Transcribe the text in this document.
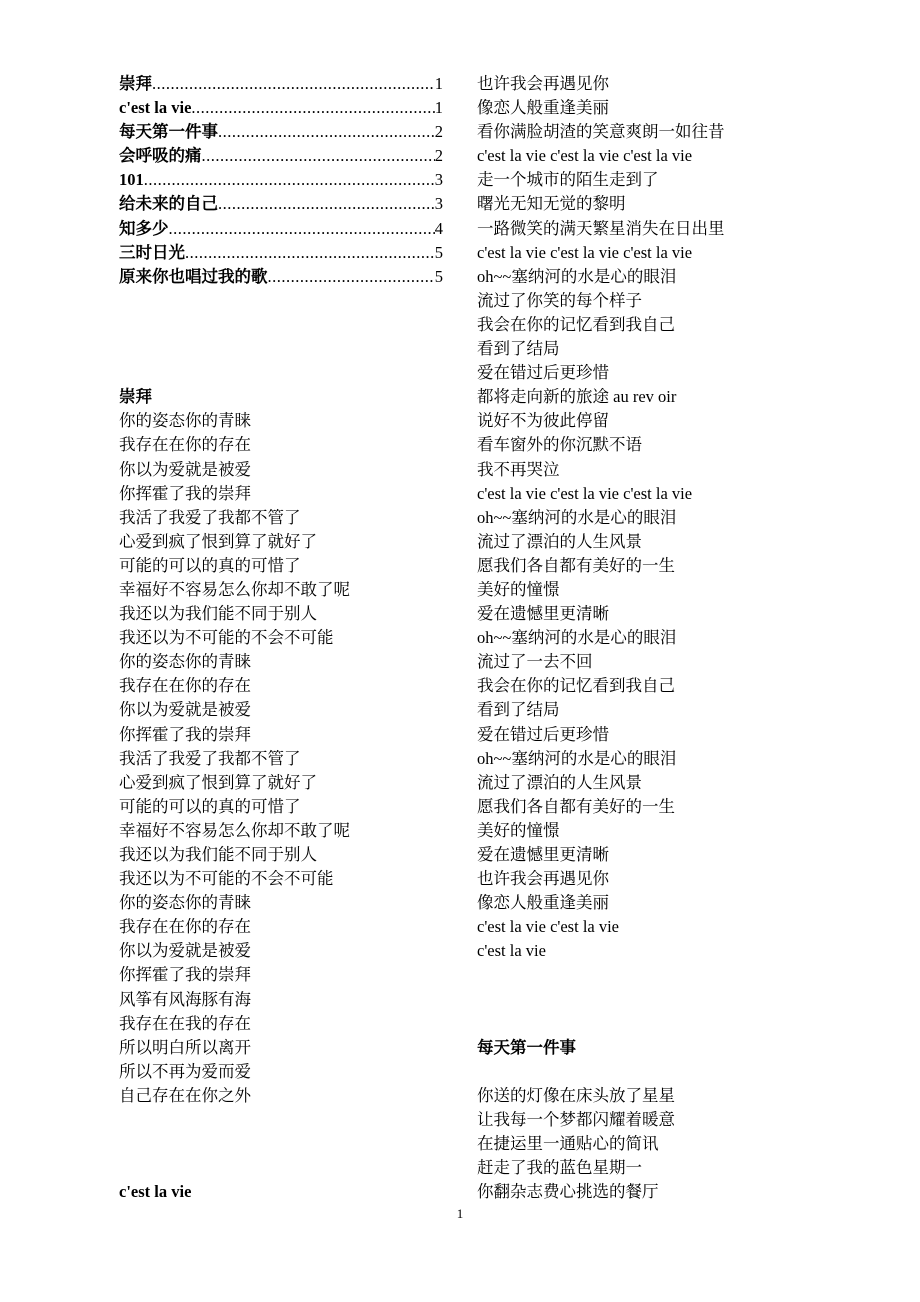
崇拜 .....	1
c'est la vie .....	1
每天第一件事 .....	2
会呼吸的痛 .....	2
101 .....	3
给未来的自己 .....	3
知多少 .....	4
三时日光 .....	5
原来你也唱过我的歌 .....	5
崇拜
你的姿态你的青睐
我存在在你的存在
你以为爱就是被爱
你挥霍了我的崇拜
我活了我爱了我都不管了
心爱到疯了恨到算了就好了
可能的可以的真的可惜了
幸福好不容易怎么你却不敢了呢
我还以为我们能不同于别人
我还以为不可能的不会不可能
你的姿态你的青睐
我存在在你的存在
你以为爱就是被爱
你挥霍了我的崇拜
我活了我爱了我都不管了
心爱到疯了恨到算了就好了
可能的可以的真的可惜了
幸福好不容易怎么你却不敢了呢
我还以为我们能不同于别人
我还以为不可能的不会不可能
你的姿态你的青睐
我存在在你的存在
你以为爱就是被爱
你挥霍了我的崇拜
风筝有风海豚有海
我存在在我的存在
所以明白所以离开
所以不再为爱而爱
自己存在在你之外
c'est la vie
也许我会再遇见你
像恋人般重逢美丽
看你满脸胡渣的笑意爽朗一如往昔
c'est la vie c'est la vie c'est la vie
走一个城市的陌生走到了
曙光无知无觉的黎明
一路微笑的满天繁星消失在日出里
c'est la vie c'est la vie c'est la vie
oh~~塞纳河的水是心的眼泪
流过了你笑的每个样子
我会在你的记忆看到我自己
看到了结局
爱在错过后更珍惜
都将走向新的旅途 au rev oir
说好不为彼此停留
看车窗外的你沉默不语
我不再哭泣
c'est la vie c'est la vie c'est la vie
oh~~塞纳河的水是心的眼泪
流过了漂泊的人生风景
愿我们各自都有美好的一生
美好的憧憬
爱在遗憾里更清晰
oh~~塞纳河的水是心的眼泪
流过了一去不回
我会在你的记忆看到我自己
看到了结局
爱在错过后更珍惜
oh~~塞纳河的水是心的眼泪
流过了漂泊的人生风景
愿我们各自都有美好的一生
美好的憧憬
爱在遗憾里更清晰
也许我会再遇见你
像恋人般重逢美丽
c'est la vie c'est la vie
c'est la vie
每天第一件事
你送的灯像在床头放了星星
让我每一个梦都闪耀着暖意
在捷运里一通贴心的简讯
赶走了我的蓝色星期一
你翻杂志费心挑选的餐厅
1
